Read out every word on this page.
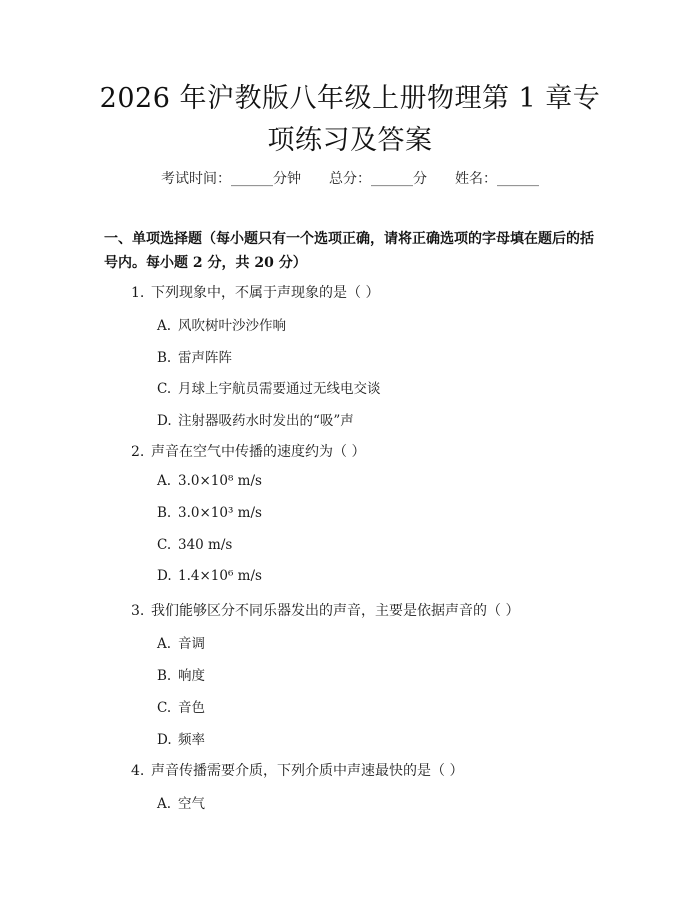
2026 年沪教版八年级上册物理第 1 章专项练习及答案
考试时间：______分钟 总分：______分 姓名：______
一、单项选择题（每小题只有一个选项正确，请将正确选项的字母填在题后的括号内。每小题 2 分，共 20 分）
1. 下列现象中，不属于声现象的是（ ）
A. 风吹树叶沙沙作响
B. 雷声阵阵
C. 月球上宇航员需要通过无线电交谈
D. 注射器吸药水时发出的“吸”声
2. 声音在空气中传播的速度约为（ ）
A. 3.0×10⁸ m/s
B. 3.0×10³ m/s
C. 340 m/s
D. 1.4×10⁶ m/s
3. 我们能够区分不同乐器发出的声音，主要是依据声音的（ ）
A. 音调
B. 响度
C. 音色
D. 频率
4. 声音传播需要介质，下列介质中声速最快的是（ ）
A. 空气
